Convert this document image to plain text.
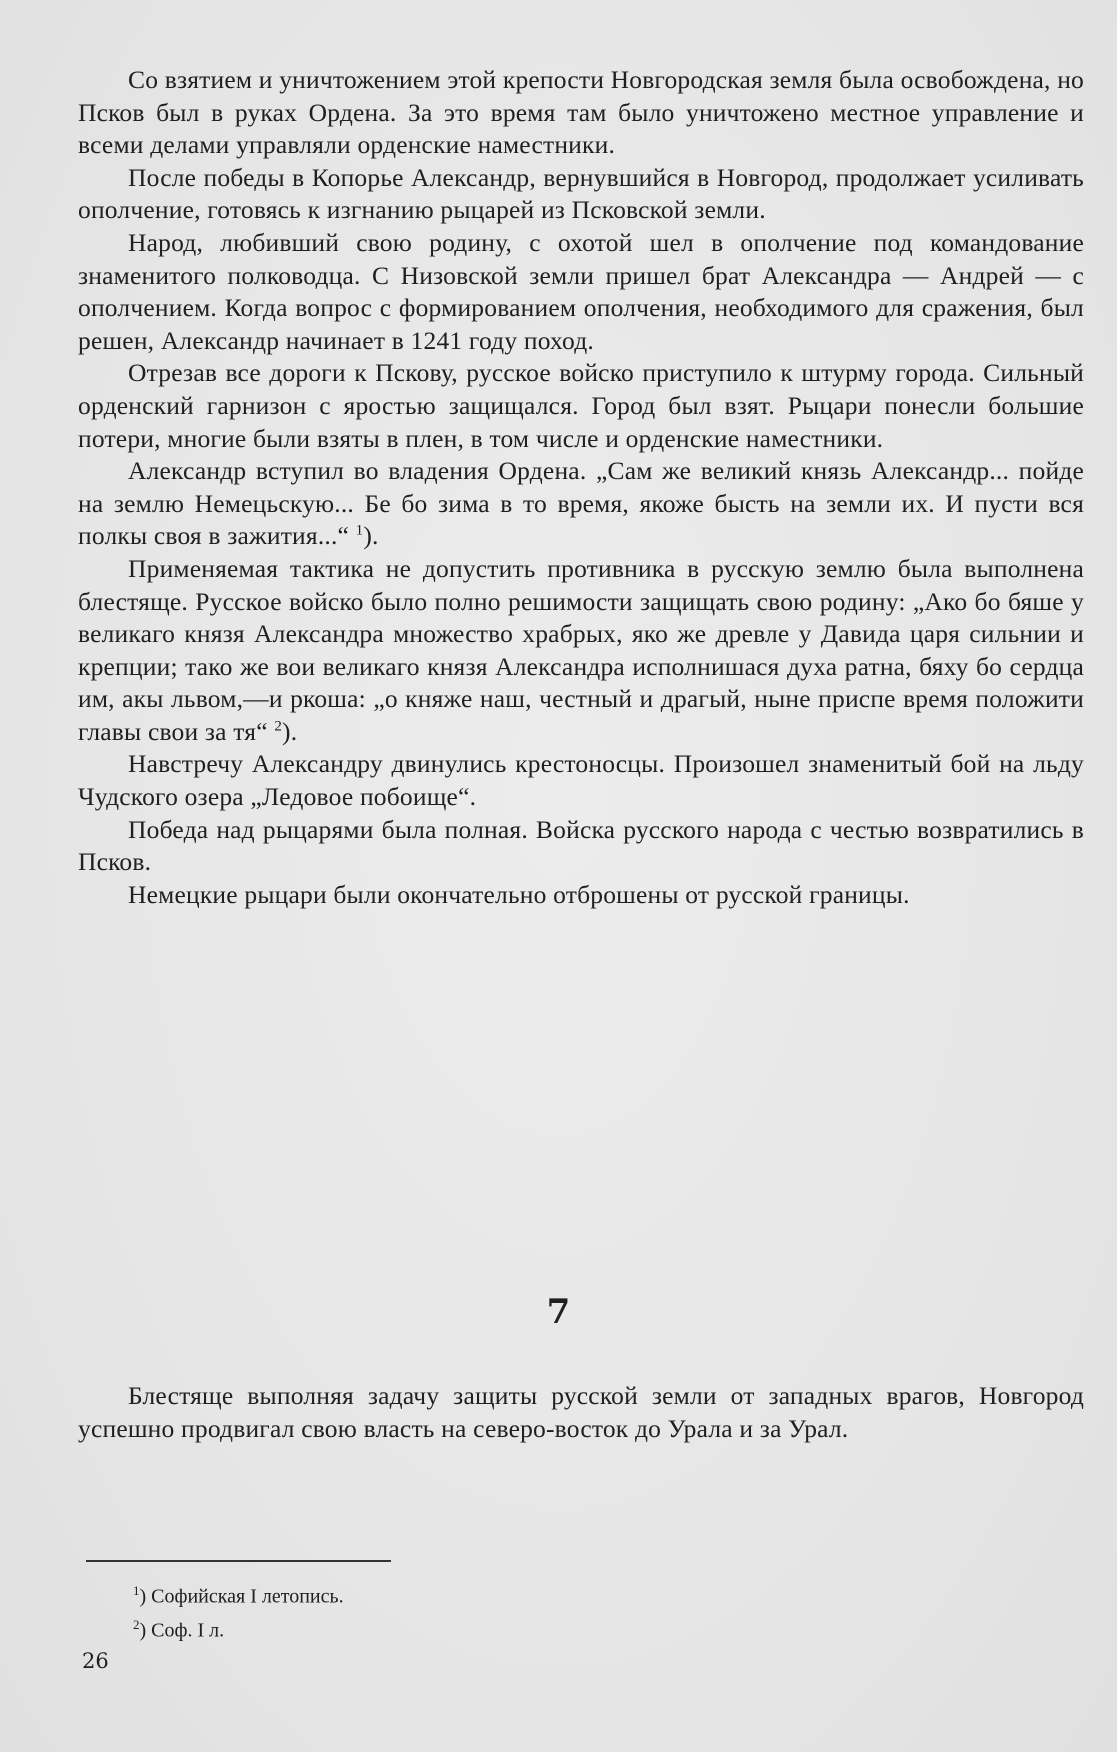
Со взятием и уничтожением этой крепости Новгородская земля была освобождена, но Псков был в руках Ордена. За это время там было уничтожено местное управление и всеми делами управляли орденские наместники.

После победы в Копорье Александр, вернувшийся в Новгород, продолжает усиливать ополчение, готовясь к изгнанию рыцарей из Псковской земли.

Народ, любивший свою родину, с охотой шел в ополчение под командование знаменитого полководца. С Низовской земли пришел брат Александра — Андрей — с ополчением. Когда вопрос с формированием ополчения, необходимого для сражения, был решен, Александр начинает в 1241 году поход.

Отрезав все дороги к Пскову, русское войско приступило к штурму города. Сильный орденский гарнизон с яростью защищался. Город был взят. Рыцари понесли большие потери, многие были взяты в плен, в том числе и орденские наместники.

Александр вступил во владения Ордена. „Сам же великий князь Александр... пойде на землю Немецьскую... Бе бо зима в то время, якоже бысть на земли их. И пусти вся полкы своя в зажития...“ $^1$).

Применяемая тактика не допустить противника в русскую землю была выполнена блестяще. Русское войско было полно решимости защищать свою родину: „Ако бо бяше у великаго князя Александра множество храбрых, яко же древле у Давида царя сильнии и крепции; тако же вои великаго князя Александра исполнишася духа ратна, бяху бо сердца им, акы львом,—и ркоша: „о княже наш, честный и драгый, ныне приспе время положити главы свои за тя“ $^2$).

Навстречу Александру двинулись крестоносцы. Произошел знаменитый бой на льду Чудского озера „Ледовое побоище“.

Победа над рыцарями была полная. Войска русского народа с честью возвратились в Псков.

Немецкие рыцари были окончательно отброшены от русской границы.

7

Блестяще выполняя задачу защиты русской земли от западных врагов, Новгород успешно продвигал свою власть на северо-восток до Урала и за Урал.

$^1$) Софийская I летопись.
$^2$) Соф. I л.
26
